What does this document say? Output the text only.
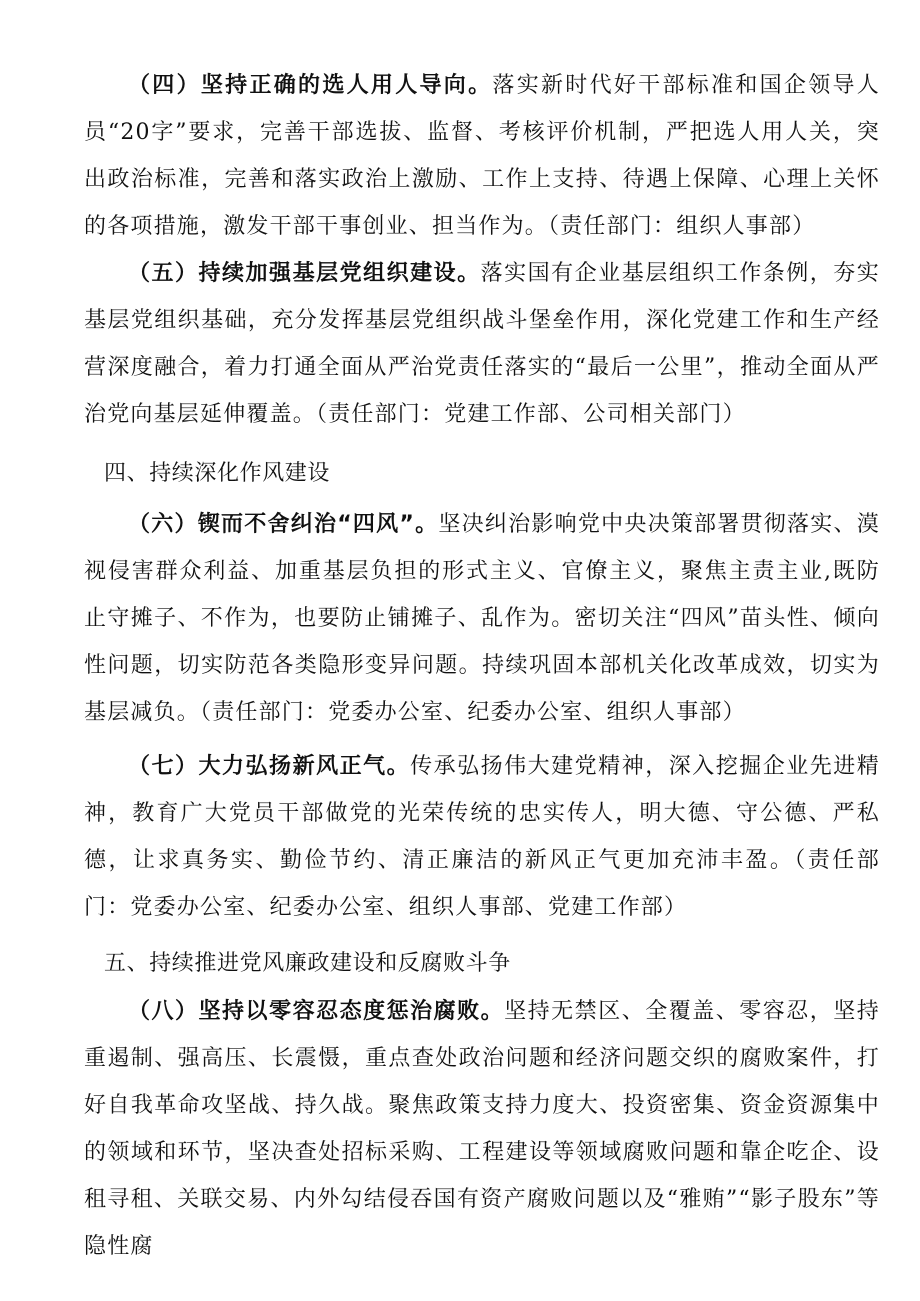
（四）坚持正确的选人用人导向。落实新时代好干部标准和国企领导人员“20字”要求，完善干部选拔、监督、考核评价机制，严把选人用人关，突出政治标准，完善和落实政治上激励、工作上支持、待遇上保障、心理上关怀的各项措施，激发干部干事创业、担当作为。（责任部门：组织人事部）

（五）持续加强基层党组织建设。落实国有企业基层组织工作条例，夯实基层党组织基础，充分发挥基层党组织战斗堡垒作用，深化党建工作和生产经营深度融合，着力打通全面从严治党责任落实的“最后一公里”，推动全面从严治党向基层延伸覆盖。（责任部门：党建工作部、公司相关部门）

四、持续深化作风建设

（六）锲而不舍纠治“四风”。坚决纠治影响党中央决策部署贯彻落实、漠视侵害群众利益、加重基层负担的形式主义、官僚主义，聚焦主责主业,既防止守摊子、不作为，也要防止铺摊子、乱作为。密切关注“四风”苗头性、倾向性问题，切实防范各类隐形变异问题。持续巩固本部机关化改革成效，切实为基层减负。（责任部门：党委办公室、纪委办公室、组织人事部）

（七）大力弘扬新风正气。传承弘扬伟大建党精神，深入挖掘企业先进精神，教育广大党员干部做党的光荣传统的忠实传人，明大德、守公德、严私德，让求真务实、勤俭节约、清正廉洁的新风正气更加充沛丰盈。（责任部门：党委办公室、纪委办公室、组织人事部、党建工作部）

五、持续推进党风廉政建设和反腐败斗争

（八）坚持以零容忍态度惩治腐败。坚持无禁区、全覆盖、零容忍，坚持重遏制、强高压、长震慑，重点查处政治问题和经济问题交织的腐败案件，打好自我革命攻坚战、持久战。聚焦政策支持力度大、投资密集、资金资源集中的领域和环节，坚决查处招标采购、工程建设等领域腐败问题和靠企吃企、设租寻租、关联交易、内外勾结侵吞国有资产腐败问题以及“雅贿”“影子股东”等隐性腐
